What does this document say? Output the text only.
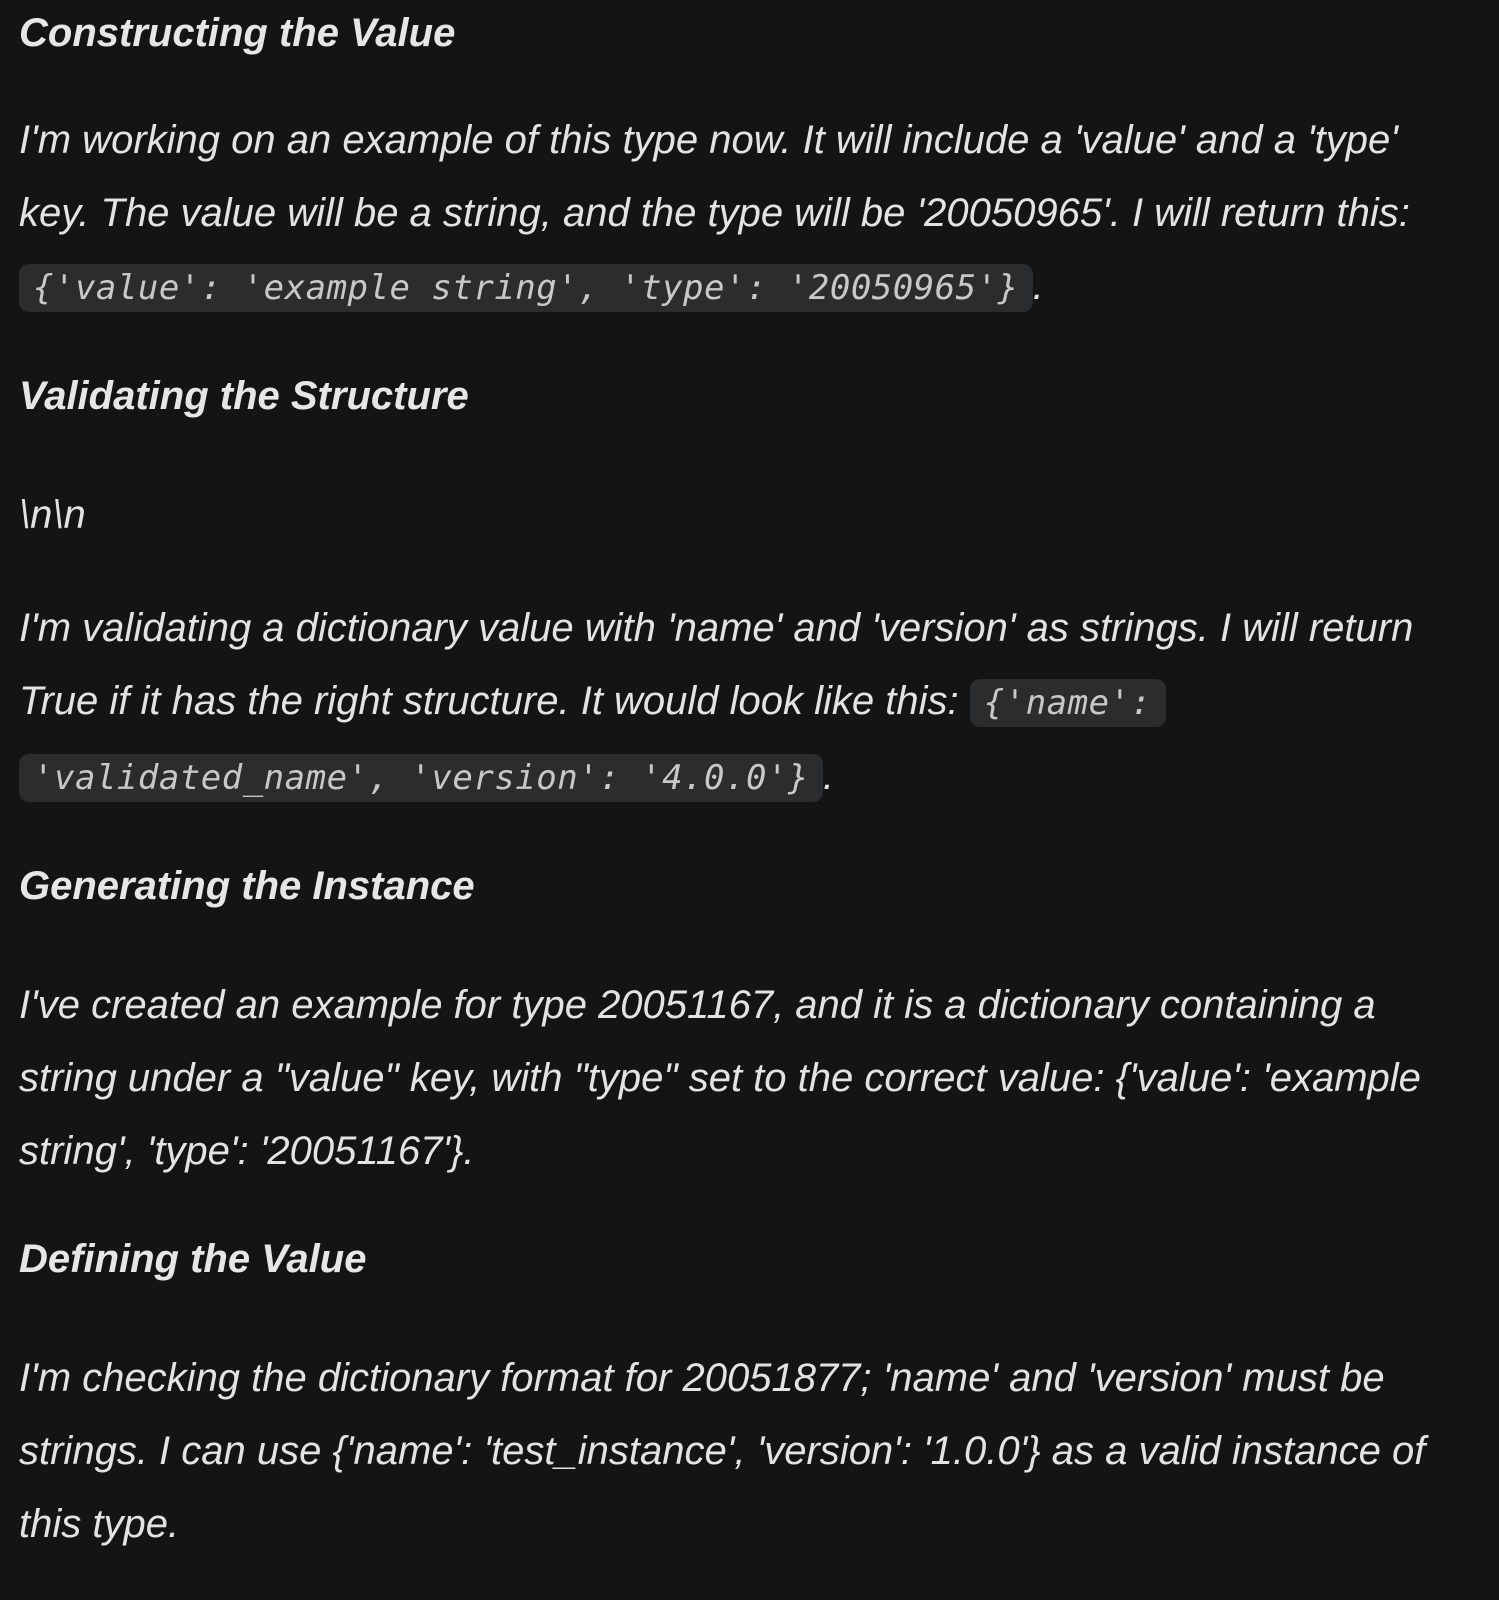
Constructing the Value

I'm working on an example of this type now. It will include a 'value' and a 'type' key. The value will be a string, and the type will be '20050965'. I will return this: {'value': 'example string', 'type': '20050965'} .

Validating the Structure

\n\n

I'm validating a dictionary value with 'name' and 'version' as strings. I will return True if it has the right structure. It would look like this: {'name': 'validated_name', 'version': '4.0.0'} .

Generating the Instance

I've created an example for type 20051167, and it is a dictionary containing a string under a "value" key, with "type" set to the correct value: {'value': 'example string', 'type': '20051167'}.

Defining the Value

I'm checking the dictionary format for 20051877; 'name' and 'version' must be strings. I can use {'name': 'test_instance', 'version': '1.0.0'} as a valid instance of this type.
